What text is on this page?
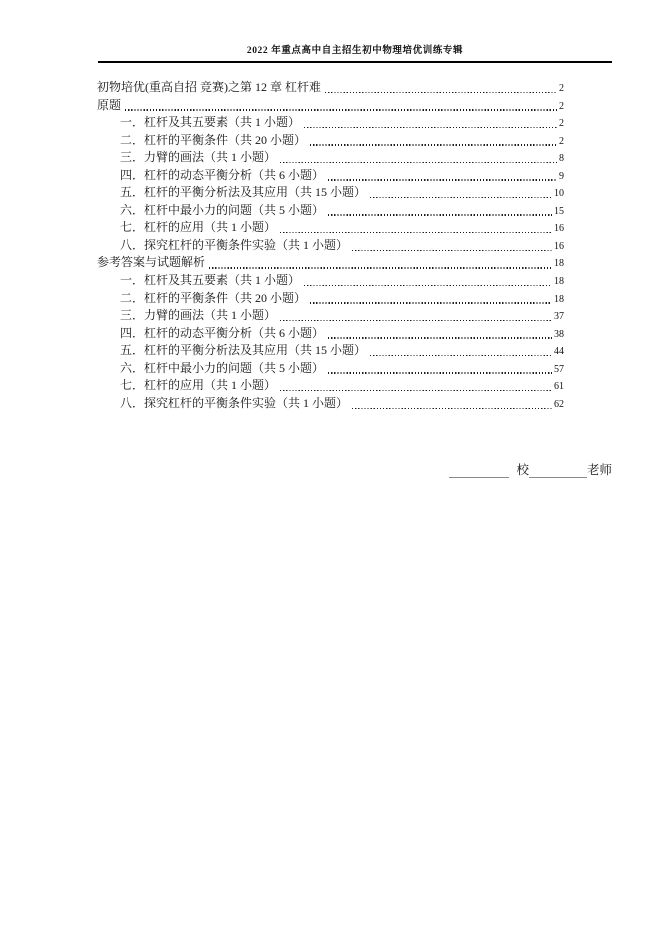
2022 年重点高中自主招生初中物理培优训练专辑
初物培优(重高自招 竞赛)之第 12 章 杠杆难	2
原题	2
一．杠杆及其五要素（共 1 小题）	2
二．杠杆的平衡条件（共 20 小题）	2
三．力臂的画法（共 1 小题）	8
四．杠杆的动态平衡分析（共 6 小题）	9
五．杠杆的平衡分析法及其应用（共 15 小题）	10
六．杠杆中最小力的问题（共 5 小题）	15
七．杠杆的应用（共 1 小题）	16
八．探究杠杆的平衡条件实验（共 1 小题）	16
参考答案与试题解析	18
一．杠杆及其五要素（共 1 小题）	18
二．杠杆的平衡条件（共 20 小题）	18
三．力臂的画法（共 1 小题）	37
四．杠杆的动态平衡分析（共 6 小题）	38
五．杠杆的平衡分析法及其应用（共 15 小题）	44
六．杠杆中最小力的问题（共 5 小题）	57
七．杠杆的应用（共 1 小题）	61
八．探究杠杆的平衡条件实验（共 1 小题）	62
校	老师
